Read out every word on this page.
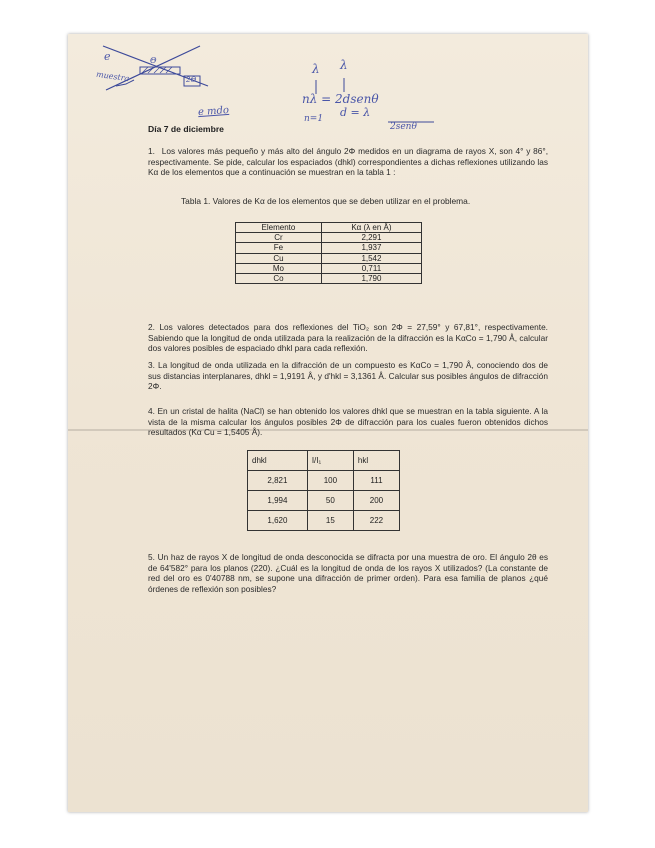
e	Θ
2Θ
muestra
e mdo
λ λ
nλ = 2dsenθ
n=1 d = λ
2senθ
Día 7 de diciembre
1. Los valores más pequeño y más alto del ángulo 2Φ medidos en un diagrama de rayos X, son 4° y 86°, respectivamente. Se pide, calcular los espaciados (dhkl) correspondientes a dichas reflexiones utilizando las Kα de los elementos que a continuación se muestran en la tabla 1 :
Tabla 1. Valores de Kα de los elementos que se deben utilizar en el problema.
Elemento	Kα (λ en Å)
Cr	2,291
Fe	1,937
Cu	1,542
Mo	0,711
Co	1,790
2. Los valores detectados para dos reflexiones del TiO₂ son 2Φ = 27,59° y 67,81°, respectivamente. Sabiendo que la longitud de onda utilizada para la realización de la difracción es la KαCo = 1,790 Å, calcular dos valores posibles de espaciado dhkl para cada reflexión.
3. La longitud de onda utilizada en la difracción de un compuesto es KαCo = 1,790 Å, conociendo dos de sus distancias interplanares, dhkl = 1,9191 Å, y d'hkl = 3,1361 Å. Calcular sus posibles ángulos de difracción 2Φ.
4. En un cristal de halita (NaCl) se han obtenido los valores dhkl que se muestran en la tabla siguiente. A la vista de la misma calcular los ángulos posibles 2Φ de difracción para los cuales fueron obtenidos dichos resultados (Kα Cu = 1,5405 Å).
dhkl	I/I₁	hkl
2,821	100	111
1,994	50	200
1,620	15	222
5. Un haz de rayos X de longitud de onda desconocida se difracta por una muestra de oro. El ángulo 2θ es de 64'582° para los planos (220). ¿Cuál es la longitud de onda de los rayos X utilizados? (La constante de red del oro es 0'40788 nm, se supone una difracción de primer orden). Para esa familia de planos ¿qué órdenes de reflexión son posibles?
